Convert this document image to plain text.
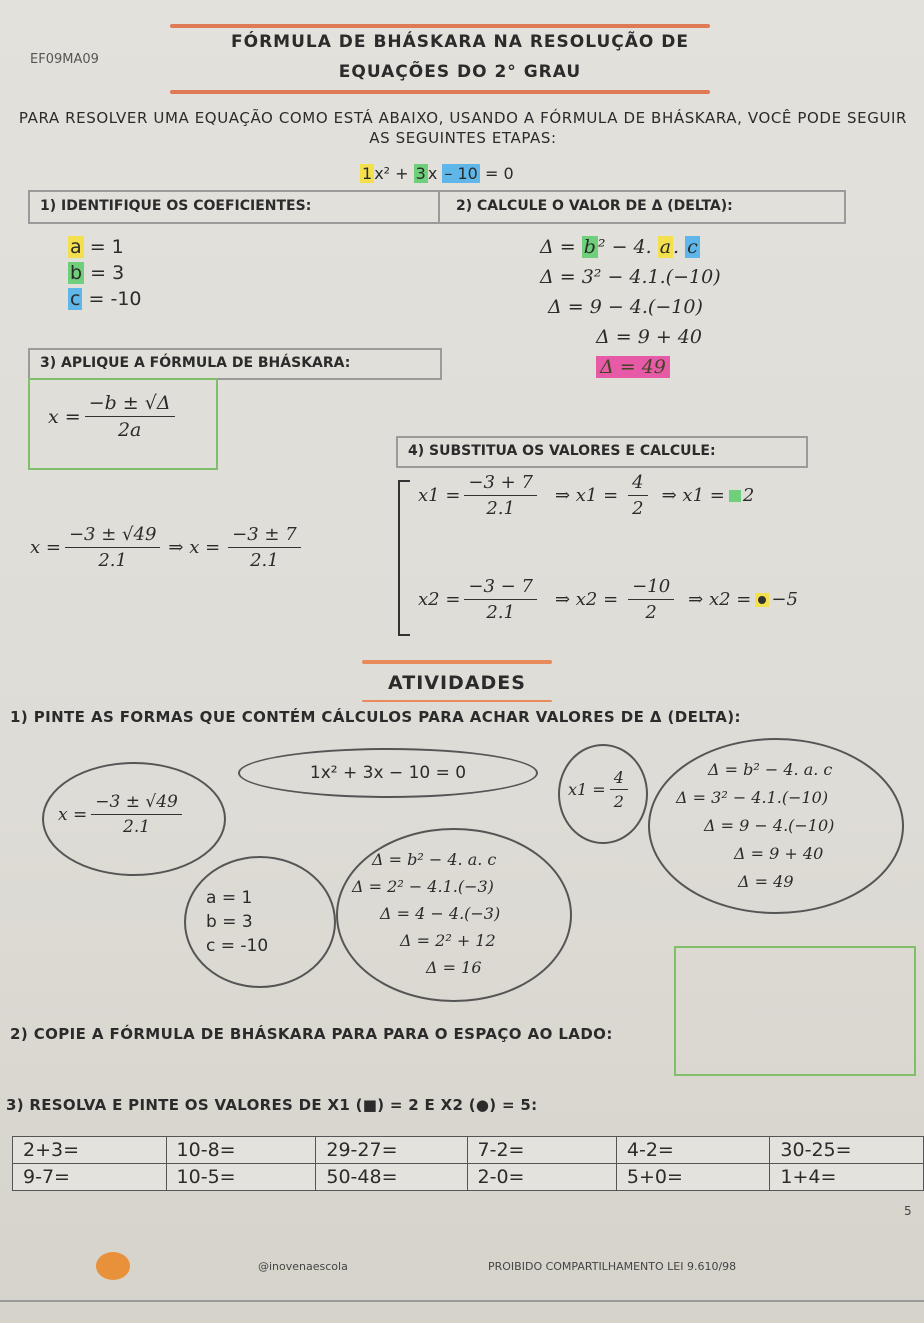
EF09MA09
FÓRMULA DE BHÁSKARA NA RESOLUÇÃO DE
EQUAÇÕES DO 2° GRAU
PARA RESOLVER UMA EQUAÇÃO COMO ESTÁ ABAIXO, USANDO A FÓRMULA DE BHÁSKARA, VOCÊ PODE SEGUIR AS SEGUINTES ETAPAS:
1 x² + 3 x – 10 = 0
1) IDENTIFIQUE OS COEFICIENTES:
a = 1
b = 3
c = -10
2) CALCULE O VALOR DE Δ (DELTA):
Δ = b ² − 4. a . c
Δ = 3² − 4.1.(−10)
Δ = 9 − 4.(−10)
Δ = 9 + 40
Δ = 49
3) APLIQUE A FÓRMULA DE BHÁSKARA:
$x = \frac{-b \pm √\Delta}{2a}$
4) SUBSTITUA OS VALORES E CALCULE:
$x = \frac{-3 \pm √49}{2.1}$ ⇒ $x = \frac{-3 \pm 7}{2.1}$
$x1 = \frac{-3 + 7}{2.1}$ ⇒ $x1 = \frac{4}{2}$ ⇒ x1 = 2
$x2 = \frac{-3 - 7}{2.1}$ ⇒ $x2 = \frac{-10}{2}$ ⇒ x2 = −5
ATIVIDADES
1) PINTE AS FORMAS QUE CONTÉM CÁLCULOS PARA ACHAR VALORES DE Δ (DELTA):
1x² + 3x − 10 = 0
$x = \frac{-3 \pm √49}{2.1}$
$x1 = \frac{4}{2}$	Δ = b² − 4. a. c
Δ = 3² − 4.1.(−10)
Δ = 9 − 4.(−10)
Δ = 9 + 40
Δ = 49
a = 1
b = 3
c = -10
Δ = b² − 4. a. c
Δ = 2² − 4.1.(−3)
Δ = 4 − 4.(−3)
Δ = 2² + 12
Δ = 16
2) COPIE A FÓRMULA DE BHÁSKARA PARA PARA O ESPAÇO AO LADO:
3) RESOLVA E PINTE OS VALORES DE X1 (■) = 2 E X2 (●) = 5:
2+3=	10-8=	29-27=	7-2=	4-2=	30-25=
9-7=	10-5=	50-48=	2-0=	5+0=	1+4=
5
@inovenaescola	PROIBIDO COMPARTILHAMENTO LEI 9.610/98
